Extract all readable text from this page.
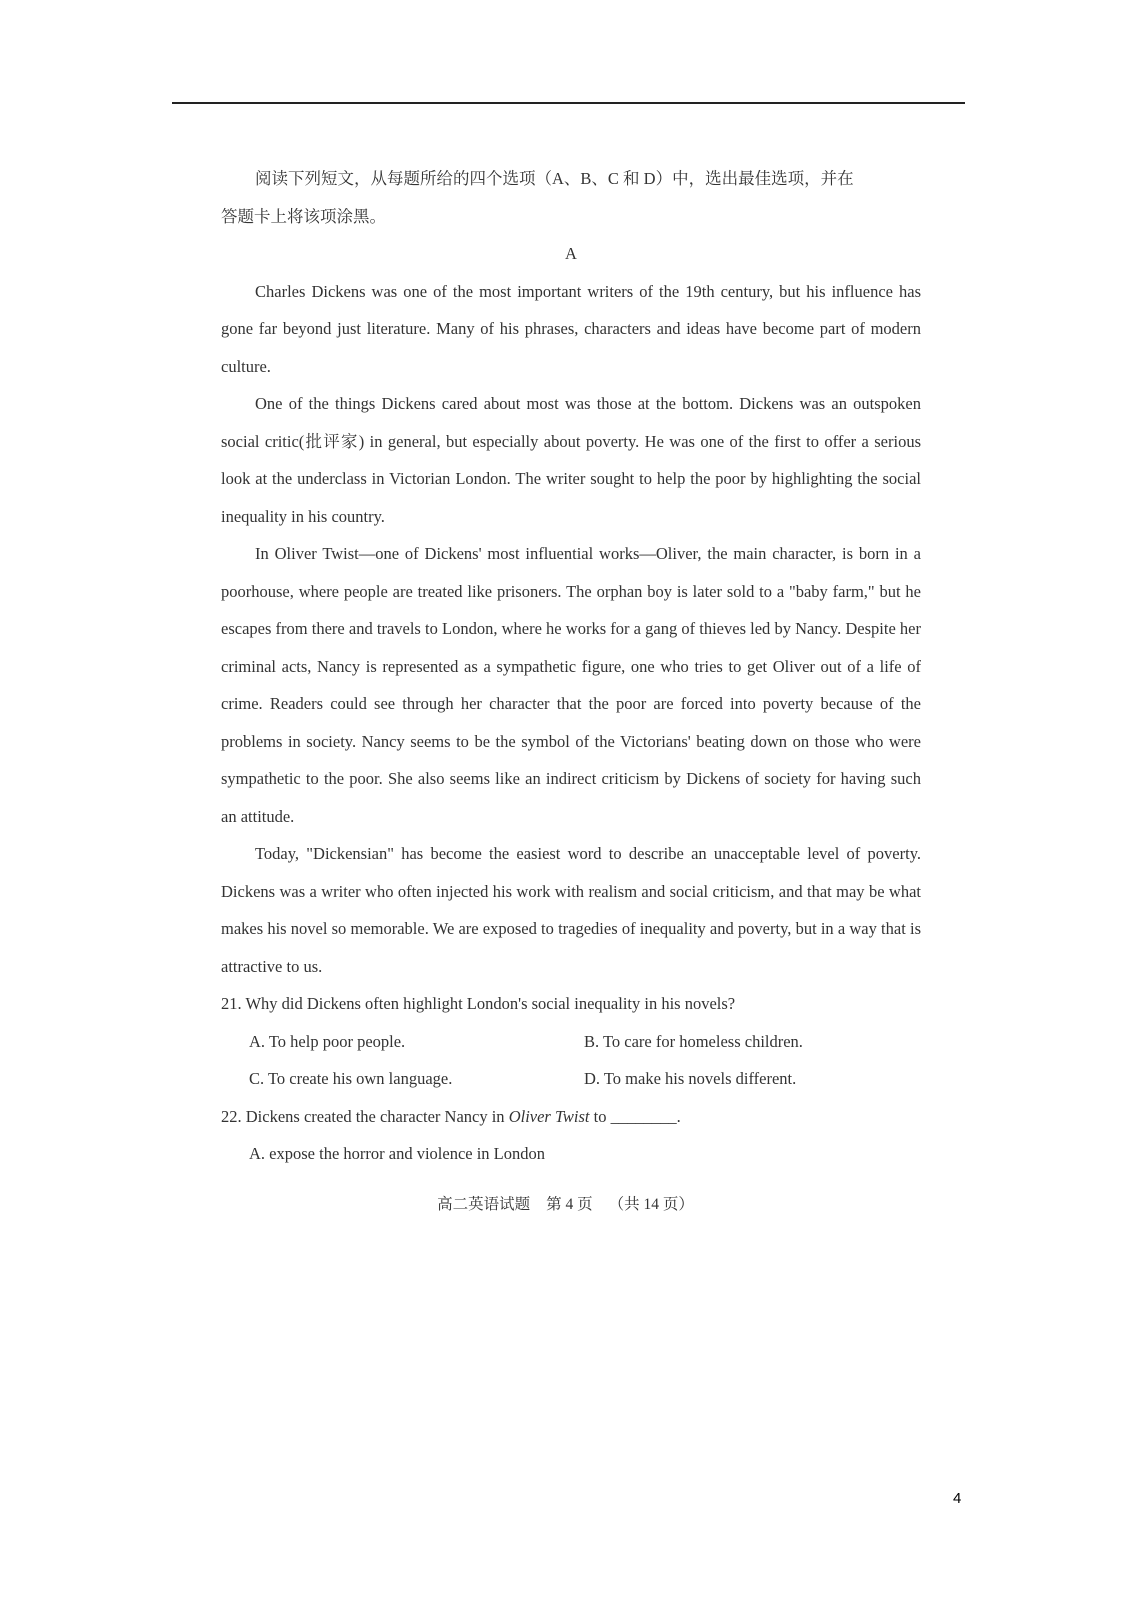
阅读下列短文，从每题所给的四个选项（A、B、C 和 D）中，选出最佳选项，并在

答题卡上将该项涂黑。

A

Charles Dickens was one of the most important writers of the 19th century, but his influence has gone far beyond just literature. Many of his phrases, characters and ideas have become part of modern culture.

One of the things Dickens cared about most was those at the bottom. Dickens was an outspoken social critic(批评家) in general, but especially about poverty. He was one of the first to offer a serious look at the underclass in Victorian London. The writer sought to help the poor by highlighting the social inequality in his country.

In Oliver Twist—one of Dickens' most influential works—Oliver, the main character, is born in a poorhouse, where people are treated like prisoners. The orphan boy is later sold to a "baby farm," but he escapes from there and travels to London, where he works for a gang of thieves led by Nancy. Despite her criminal acts, Nancy is represented as a sympathetic figure, one who tries to get Oliver out of a life of crime. Readers could see through her character that the poor are forced into poverty because of the problems in society. Nancy seems to be the symbol of the Victorians' beating down on those who were sympathetic to the poor. She also seems like an indirect criticism by Dickens of society for having such an attitude.

Today, "Dickensian" has become the easiest word to describe an unacceptable level of poverty. Dickens was a writer who often injected his work with realism and social criticism, and that may be what makes his novel so memorable. We are exposed to tragedies of inequality and poverty, but in a way that is attractive to us.

21. Why did Dickens often highlight London's social inequality in his novels?

A. To help poor people.	B. To care for homeless children.
C. To create his own language.	D. To make his novels different.

22. Dickens created the character Nancy in Oliver Twist to ________.

A. expose the horror and violence in London
高二英语试题 第 4 页 （共 14 页）
4
